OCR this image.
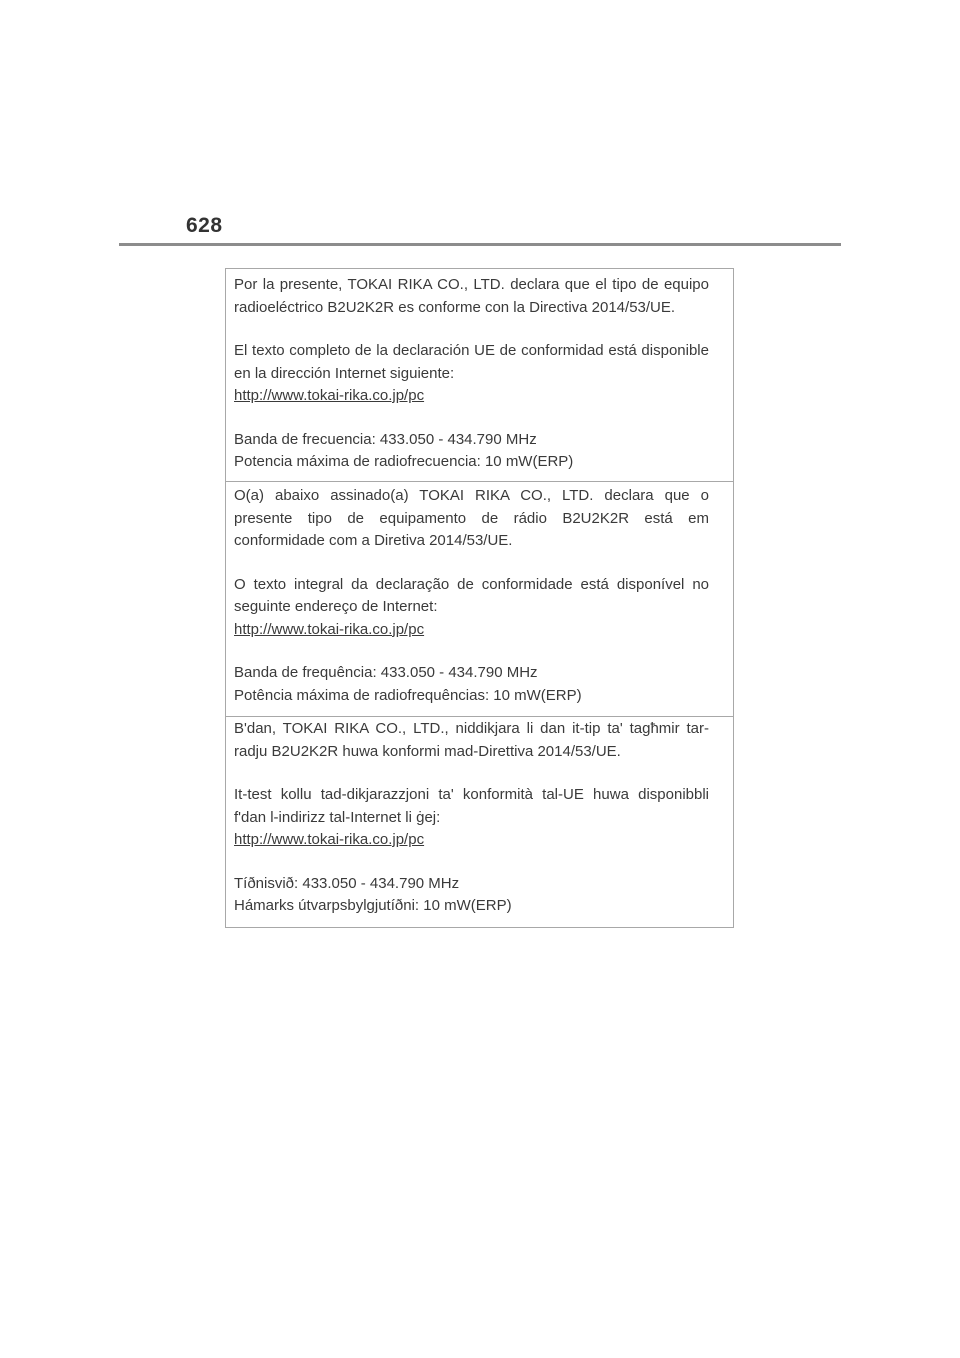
628

Por la presente, TOKAI RIKA CO., LTD. declara que el tipo de equipo radioeléctrico B2U2K2R es conforme con la Directiva 2014/53/UE.

El texto completo de la declaración UE de conformidad está disponible en la dirección Internet siguiente:

http://www.tokai-rika.co.jp/pc

Banda de frecuencia: 433.050 - 434.790 MHz

Potencia máxima de radiofrecuencia: 10 mW(ERP)

O(a) abaixo assinado(a) TOKAI RIKA CO., LTD. declara que o presente tipo de equipamento de rádio B2U2K2R está em conformidade com a Diretiva 2014/53/UE.

O texto integral da declaração de conformidade está disponível no seguinte endereço de Internet:

http://www.tokai-rika.co.jp/pc

Banda de frequência: 433.050 - 434.790 MHz

Potência máxima de radiofrequências: 10 mW(ERP)

B'dan, TOKAI RIKA CO., LTD., niddikjara li dan it-tip ta' tagħmir tar-radju B2U2K2R huwa konformi mad-Direttiva 2014/53/UE.

It-test kollu tad-dikjarazzjoni ta' konformità tal-UE huwa disponibbli f'dan l-indirizz tal-Internet li ġej:

http://www.tokai-rika.co.jp/pc

Tíðnisvið: 433.050 - 434.790 MHz

Hámarks útvarpsbylgjutíðni: 10 mW(ERP)
